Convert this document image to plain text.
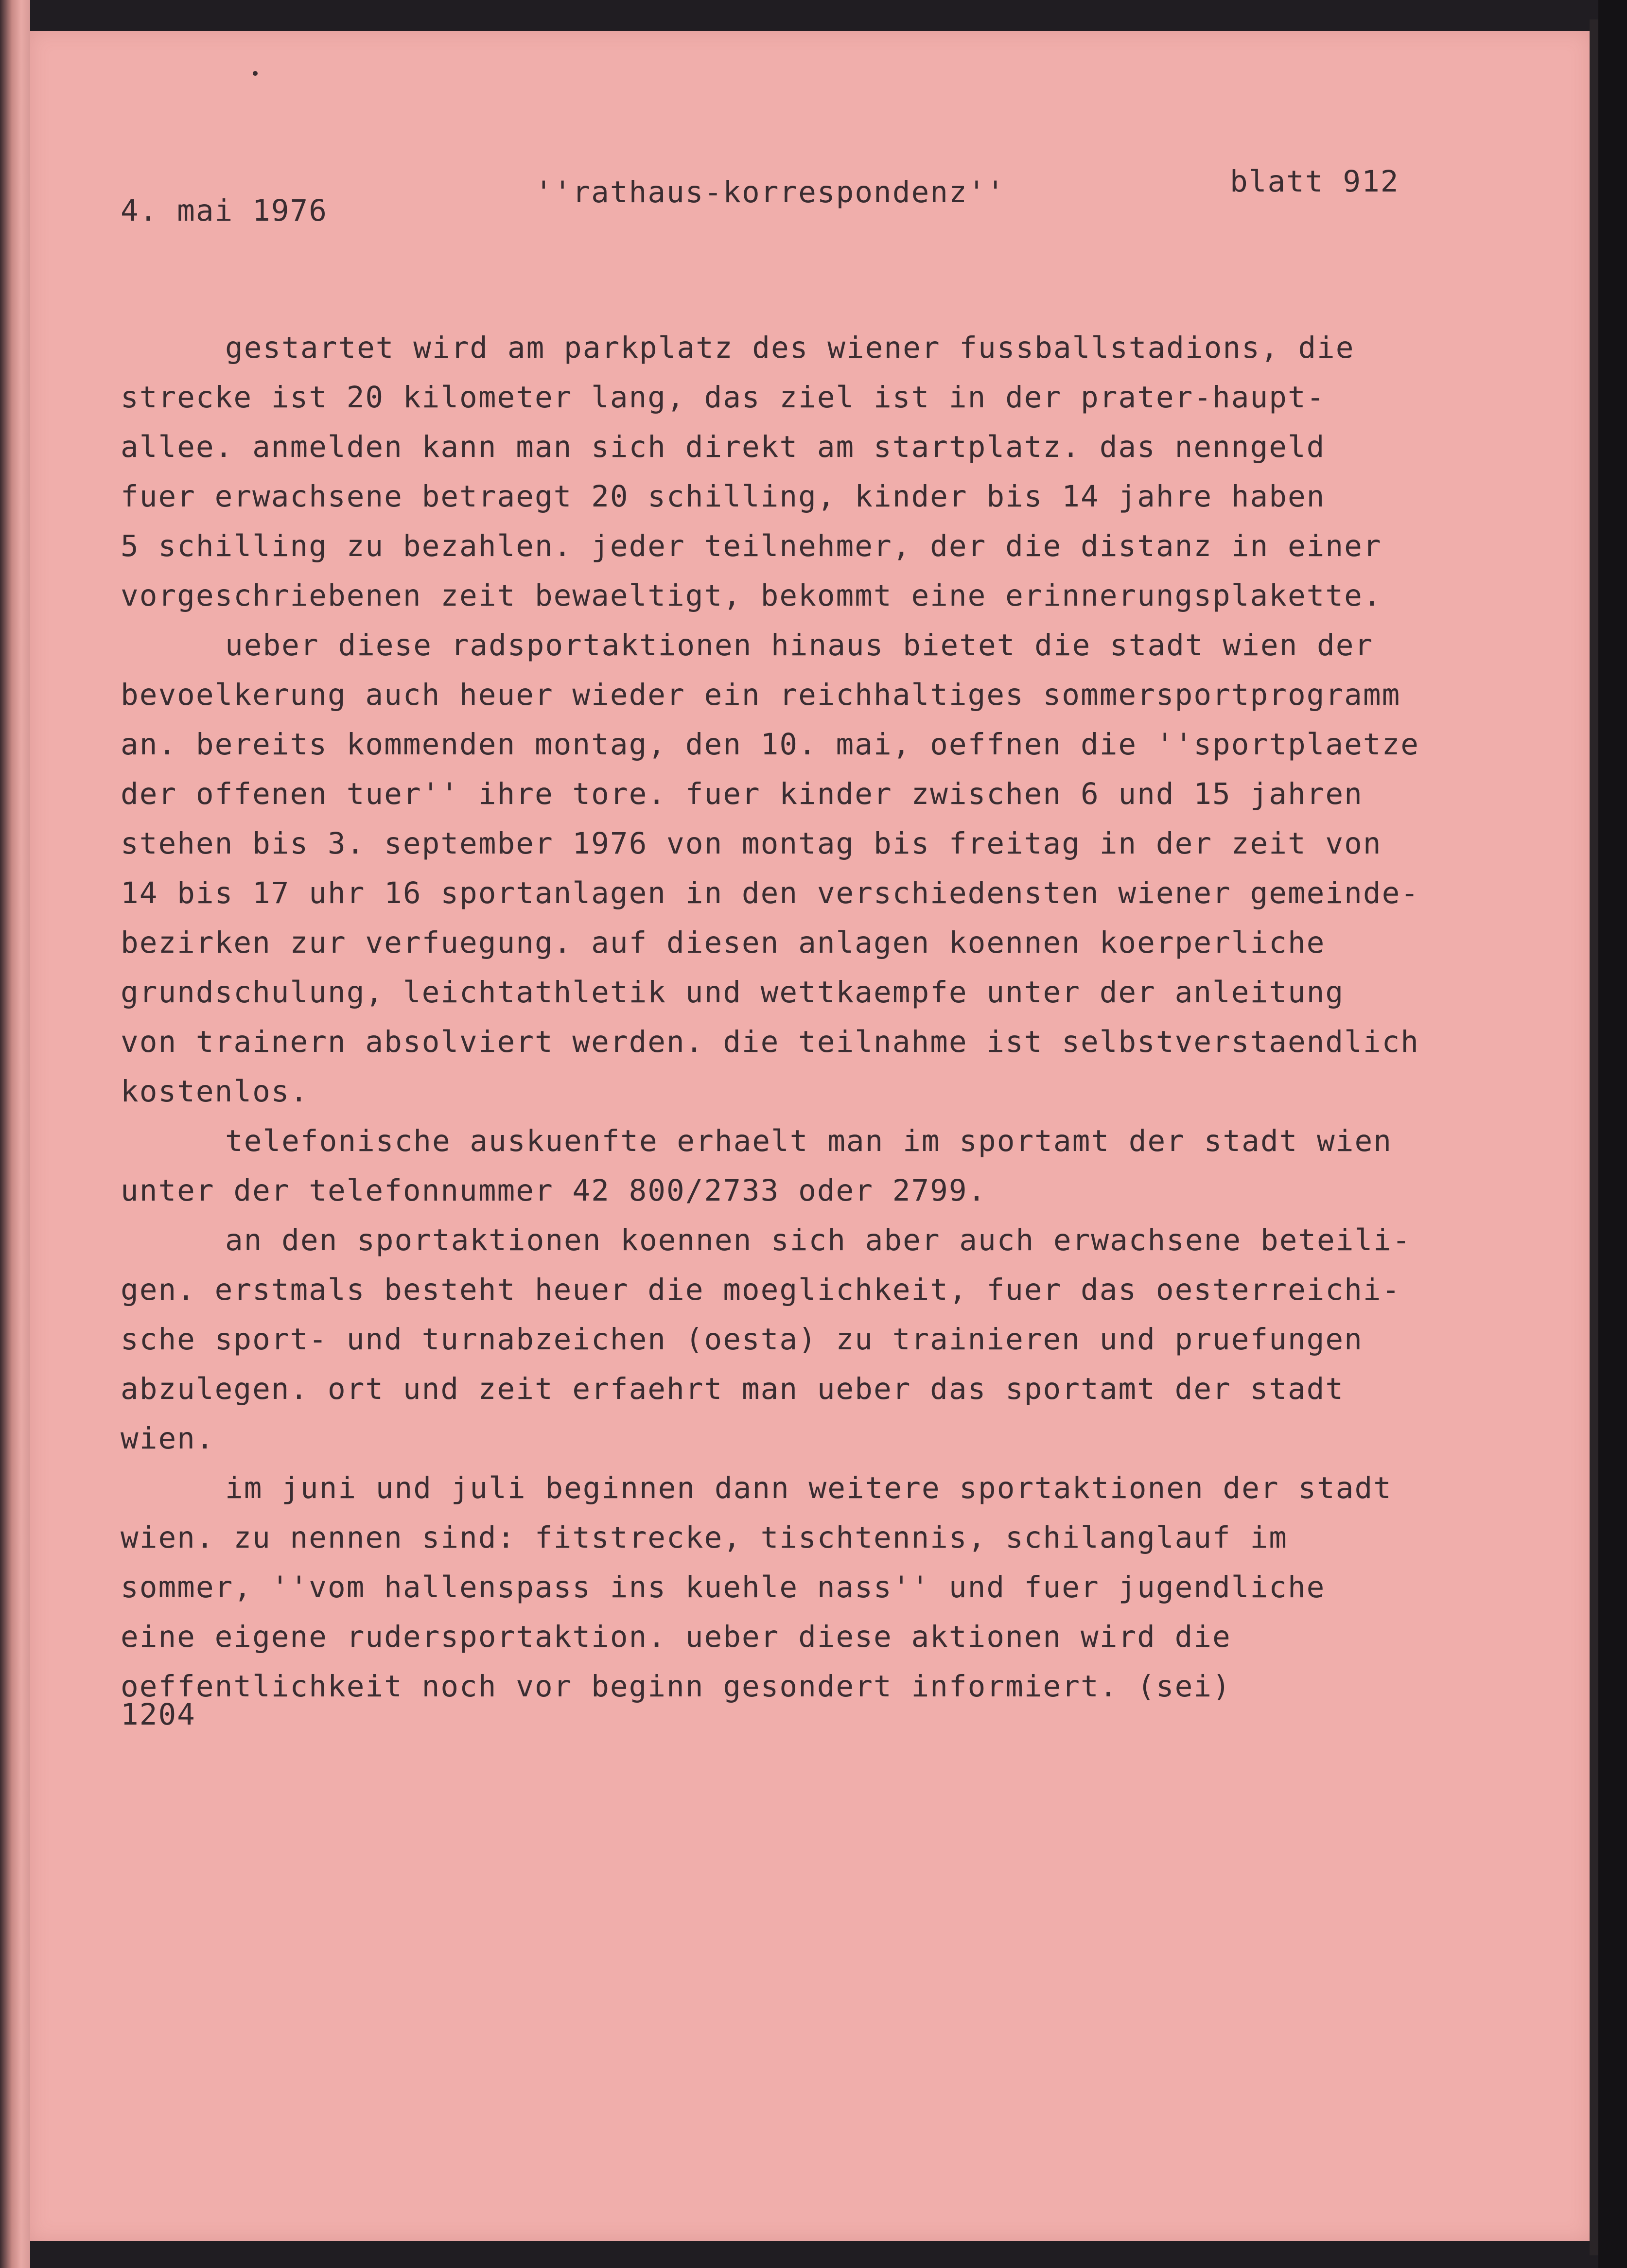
4. mai 1976
''rathaus-korrespondenz''	blatt 912
gestartet wird am parkplatz des wiener fussballstadions, die
strecke ist 20 kilometer lang, das ziel ist in der prater-haupt-
allee. anmelden kann man sich direkt am startplatz. das nenngeld
fuer erwachsene betraegt 20 schilling, kinder bis 14 jahre haben
5 schilling zu bezahlen. jeder teilnehmer, der die distanz in einer
vorgeschriebenen zeit bewaeltigt, bekommt eine erinnerungsplakette.
ueber diese radsportaktionen hinaus bietet die stadt wien der
bevoelkerung auch heuer wieder ein reichhaltiges sommersportprogramm
an. bereits kommenden montag, den 10. mai, oeffnen die ''sportplaetze
der offenen tuer'' ihre tore. fuer kinder zwischen 6 und 15 jahren
stehen bis 3. september 1976 von montag bis freitag in der zeit von
14 bis 17 uhr 16 sportanlagen in den verschiedensten wiener gemeinde-
bezirken zur verfuegung. auf diesen anlagen koennen koerperliche
grundschulung, leichtathletik und wettkaempfe unter der anleitung
von trainern absolviert werden. die teilnahme ist selbstverstaendlich
kostenlos.
telefonische auskuenfte erhaelt man im sportamt der stadt wien
unter der telefonnummer 42 800/2733 oder 2799.
an den sportaktionen koennen sich aber auch erwachsene beteili-
gen. erstmals besteht heuer die moeglichkeit, fuer das oesterreichi-
sche sport- und turnabzeichen (oesta) zu trainieren und pruefungen
abzulegen. ort und zeit erfaehrt man ueber das sportamt der stadt
wien.
im juni und juli beginnen dann weitere sportaktionen der stadt
wien. zu nennen sind: fitstrecke, tischtennis, schilanglauf im
sommer, ''vom hallenspass ins kuehle nass'' und fuer jugendliche
eine eigene rudersportaktion. ueber diese aktionen wird die
oeffentlichkeit noch vor beginn gesondert informiert. (sei)
1204
